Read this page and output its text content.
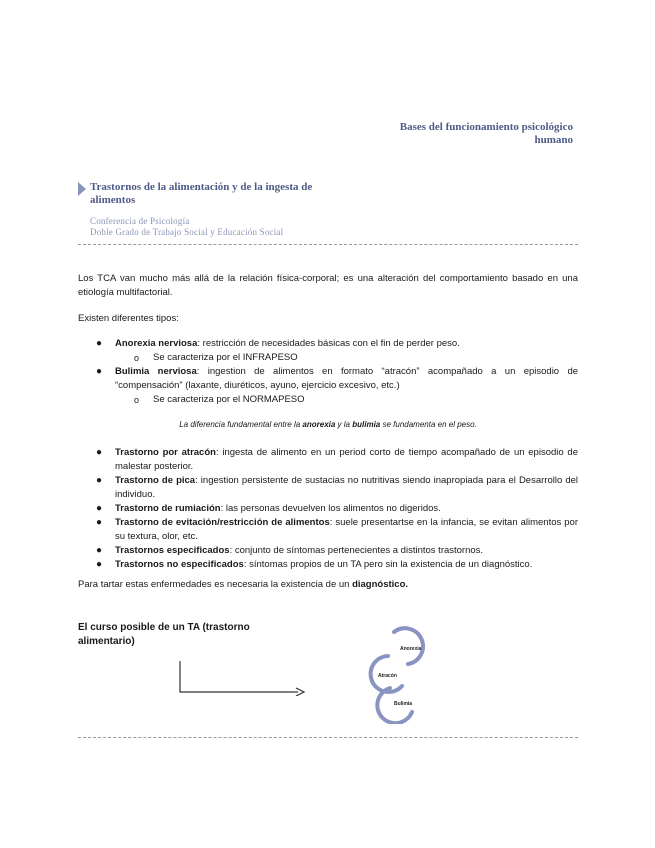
Bases del funcionamiento psicológico
humano
Trastornos de la alimentación y de la ingesta de alimentos
Conferencia de Psicología
Doble Grado de Trabajo Social y Educación Social

Los TCA van mucho más allá de la relación física-corporal; es una alteración del comportamiento basado en una etiología multifactorial.

Existen diferentes tipos:

● Anorexia nerviosa: restricción de necesidades básicas con el fin de perder peso.
o Se caracteriza por el INFRAPESO
● Bulimia nerviosa: ingestion de alimentos en formato “atracón” acompañado a un episodio de “compensación” (laxante, diuréticos, ayuno, ejercicio excesivo, etc.)
o Se caracteriza por el NORMAPESO

La diferencia fundamental entre la anorexia y la bulimia se fundamenta en el peso.

● Trastorno por atracón: ingesta de alimento en un period corto de tiempo acompañado de un episodio de malestar posterior.
● Trastorno de pica: ingestion persistente de sustacias no nutritivas siendo inapropiada para el Desarrollo del individuo.
● Trastorno de rumiación: las personas devuelven los alimentos no digeridos.
● Trastorno de evitación/restricción de alimentos: suele presentartse en la infancia, se evitan alimentos por su textura, olor, etc.
● Trastornos especificados: conjunto de síntomas pertenecientes a distintos trastornos.
● Trastornos no especificados: síntomas propios de un TA pero sin la existencia de un diagnóstico.

Para tartar estas enfermedades es necesaria la existencia de un diagnóstico.

El curso posible de un TA (trastorno alimentario)
Anorexia
Atracón
Bulimia
